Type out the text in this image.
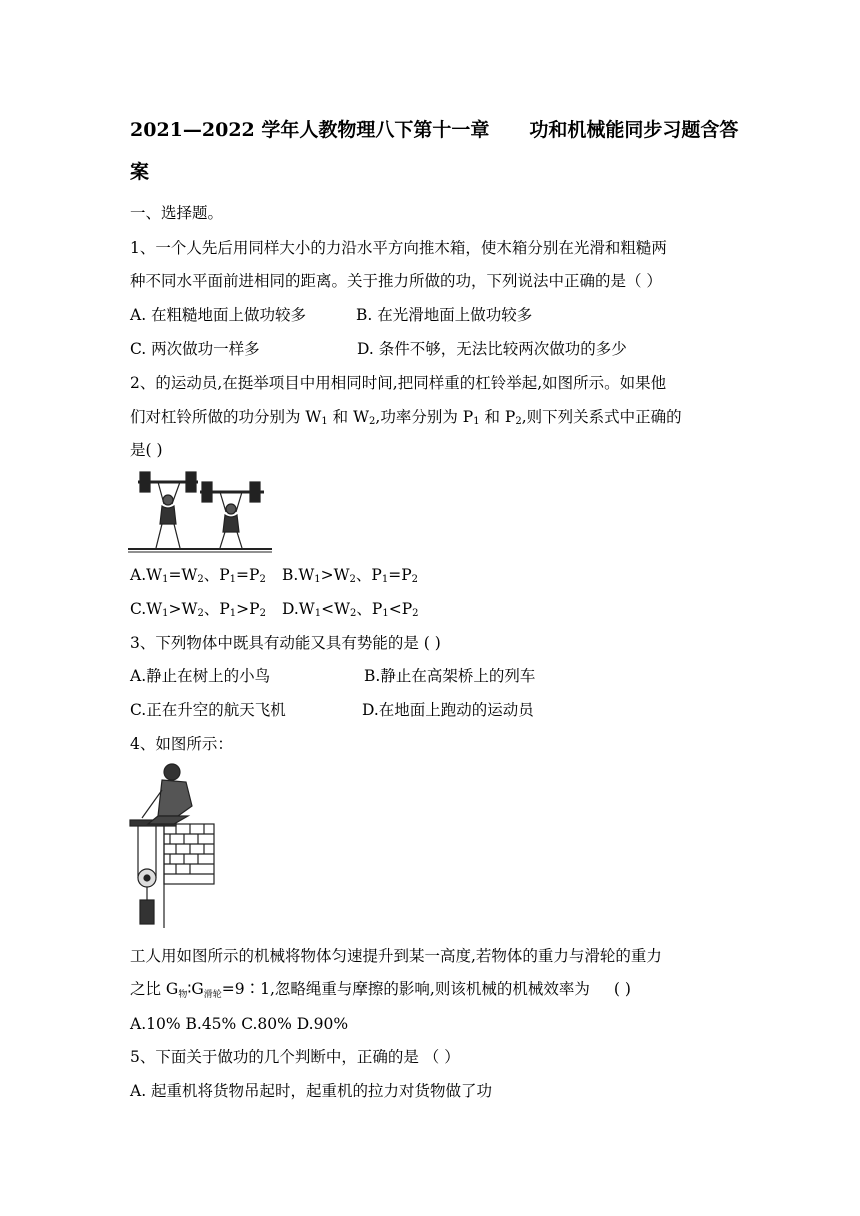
2021—2022 学年人教物理八下第十一章 功和机械能同步习题含答
案
一、选择题。
1、一个人先后用同样大小的力沿水平方向推木箱，使木箱分别在光滑和粗糙两
种不同水平面前进相同的距离。关于推力所做的功，下列说法中正确的是（ ）
A. 在粗糙地面上做功较多	B. 在光滑地面上做功较多
C. 两次做功一样多	D. 条件不够，无法比较两次做功的多少
2、的运动员,在挺举项目中用相同时间,把同样重的杠铃举起,如图所示。如果他
们对杠铃所做的功分别为 $W_1$ 和 $W_2$,功率分别为 $P_1$ 和 $P_2$,则下列关系式中正确的
是( )
$A.W_1=W_2$、$P_1=P_2$ $B.W_1>W_2$、$P_1=P_2$
$C.W_1>W_2$、$P_1>P_2$ $D.W_1<W_2$、$P_1<P_2$
3、下列物体中既具有动能又具有势能的是 ( )
A.静止在树上的小鸟	B.静止在高架桥上的列车
C.正在升空的航天飞机	D.在地面上跑动的运动员
4、如图所示：
工人用如图所示的机械将物体匀速提升到某一高度,若物体的重力与滑轮的重力
之比 G物∶G滑轮=9∶1,忽略绳重与摩擦的影响,则该机械的机械效率为 ( )
A.10% B.45% C.80% D.90%
5、下面关于做功的几个判断中，正确的是 （ ）
A. 起重机将货物吊起时，起重机的拉力对货物做了功
